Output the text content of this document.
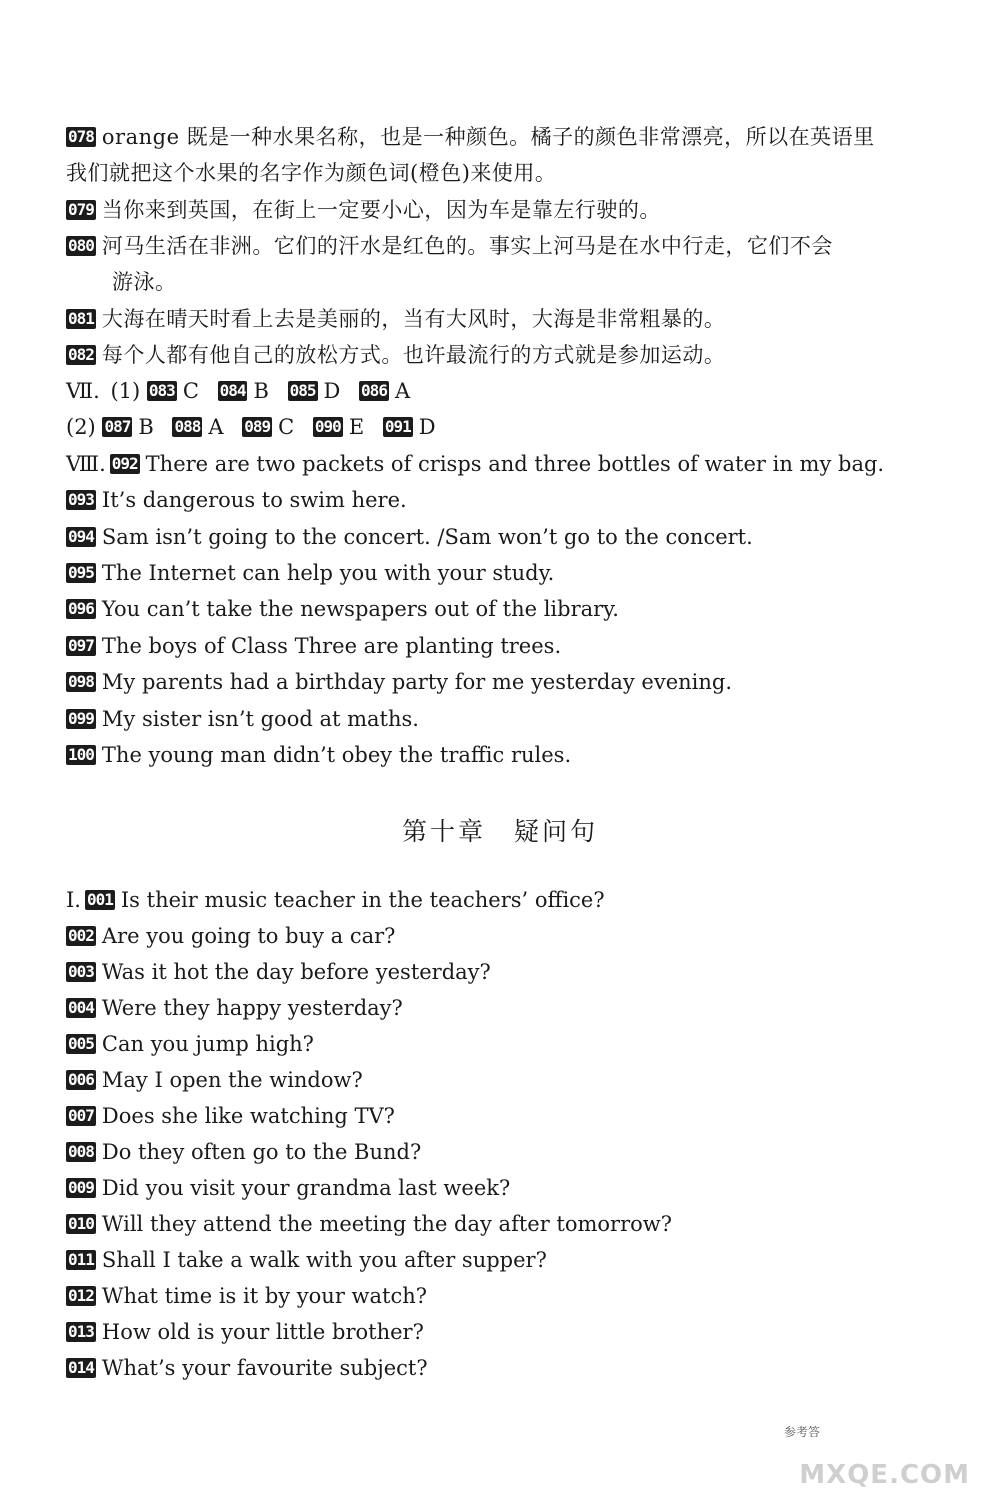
078 orange 既是一种水果名称，也是一种颜色。橘子的颜色非常漂亮，所以在英语里
我们就把这个水果的名字作为颜色词(橙色)来使用。
079 当你来到英国，在街上一定要小心，因为车是靠左行驶的。
080 河马生活在非洲。它们的汗水是红色的。事实上河马是在水中行走，它们不会
游泳。
081 大海在晴天时看上去是美丽的，当有大风时，大海是非常粗暴的。
082 每个人都有他自己的放松方式。也许最流行的方式就是参加运动。
Ⅶ. (1) 083 C 084 B 085 D 086 A
(2) 087 B 088 A 089 C 090 E 091 D
Ⅷ. 092 There are two packets of crisps and three bottles of water in my bag.
093 It’s dangerous to swim here.
094 Sam isn’t going to the concert. /Sam won’t go to the concert.
095 The Internet can help you with your study.
096 You can’t take the newspapers out of the library.
097 The boys of Class Three are planting trees.
098 My parents had a birthday party for me yesterday evening.
099 My sister isn’t good at maths.
100 The young man didn’t obey the traffic rules.
第十章　疑问句
Ⅰ. 001 Is their music teacher in the teachers’ office?
002 Are you going to buy a car?
003 Was it hot the day before yesterday?
004 Were they happy yesterday?
005 Can you jump high?
006 May I open the window?
007 Does she like watching TV?
008 Do they often go to the Bund?
009 Did you visit your grandma last week?
010 Will they attend the meeting the day after tomorrow?
011 Shall I take a walk with you after supper?
012 What time is it by your watch?
013 How old is your little brother?
014 What’s your favourite subject?
参考答
MXQE.COM
